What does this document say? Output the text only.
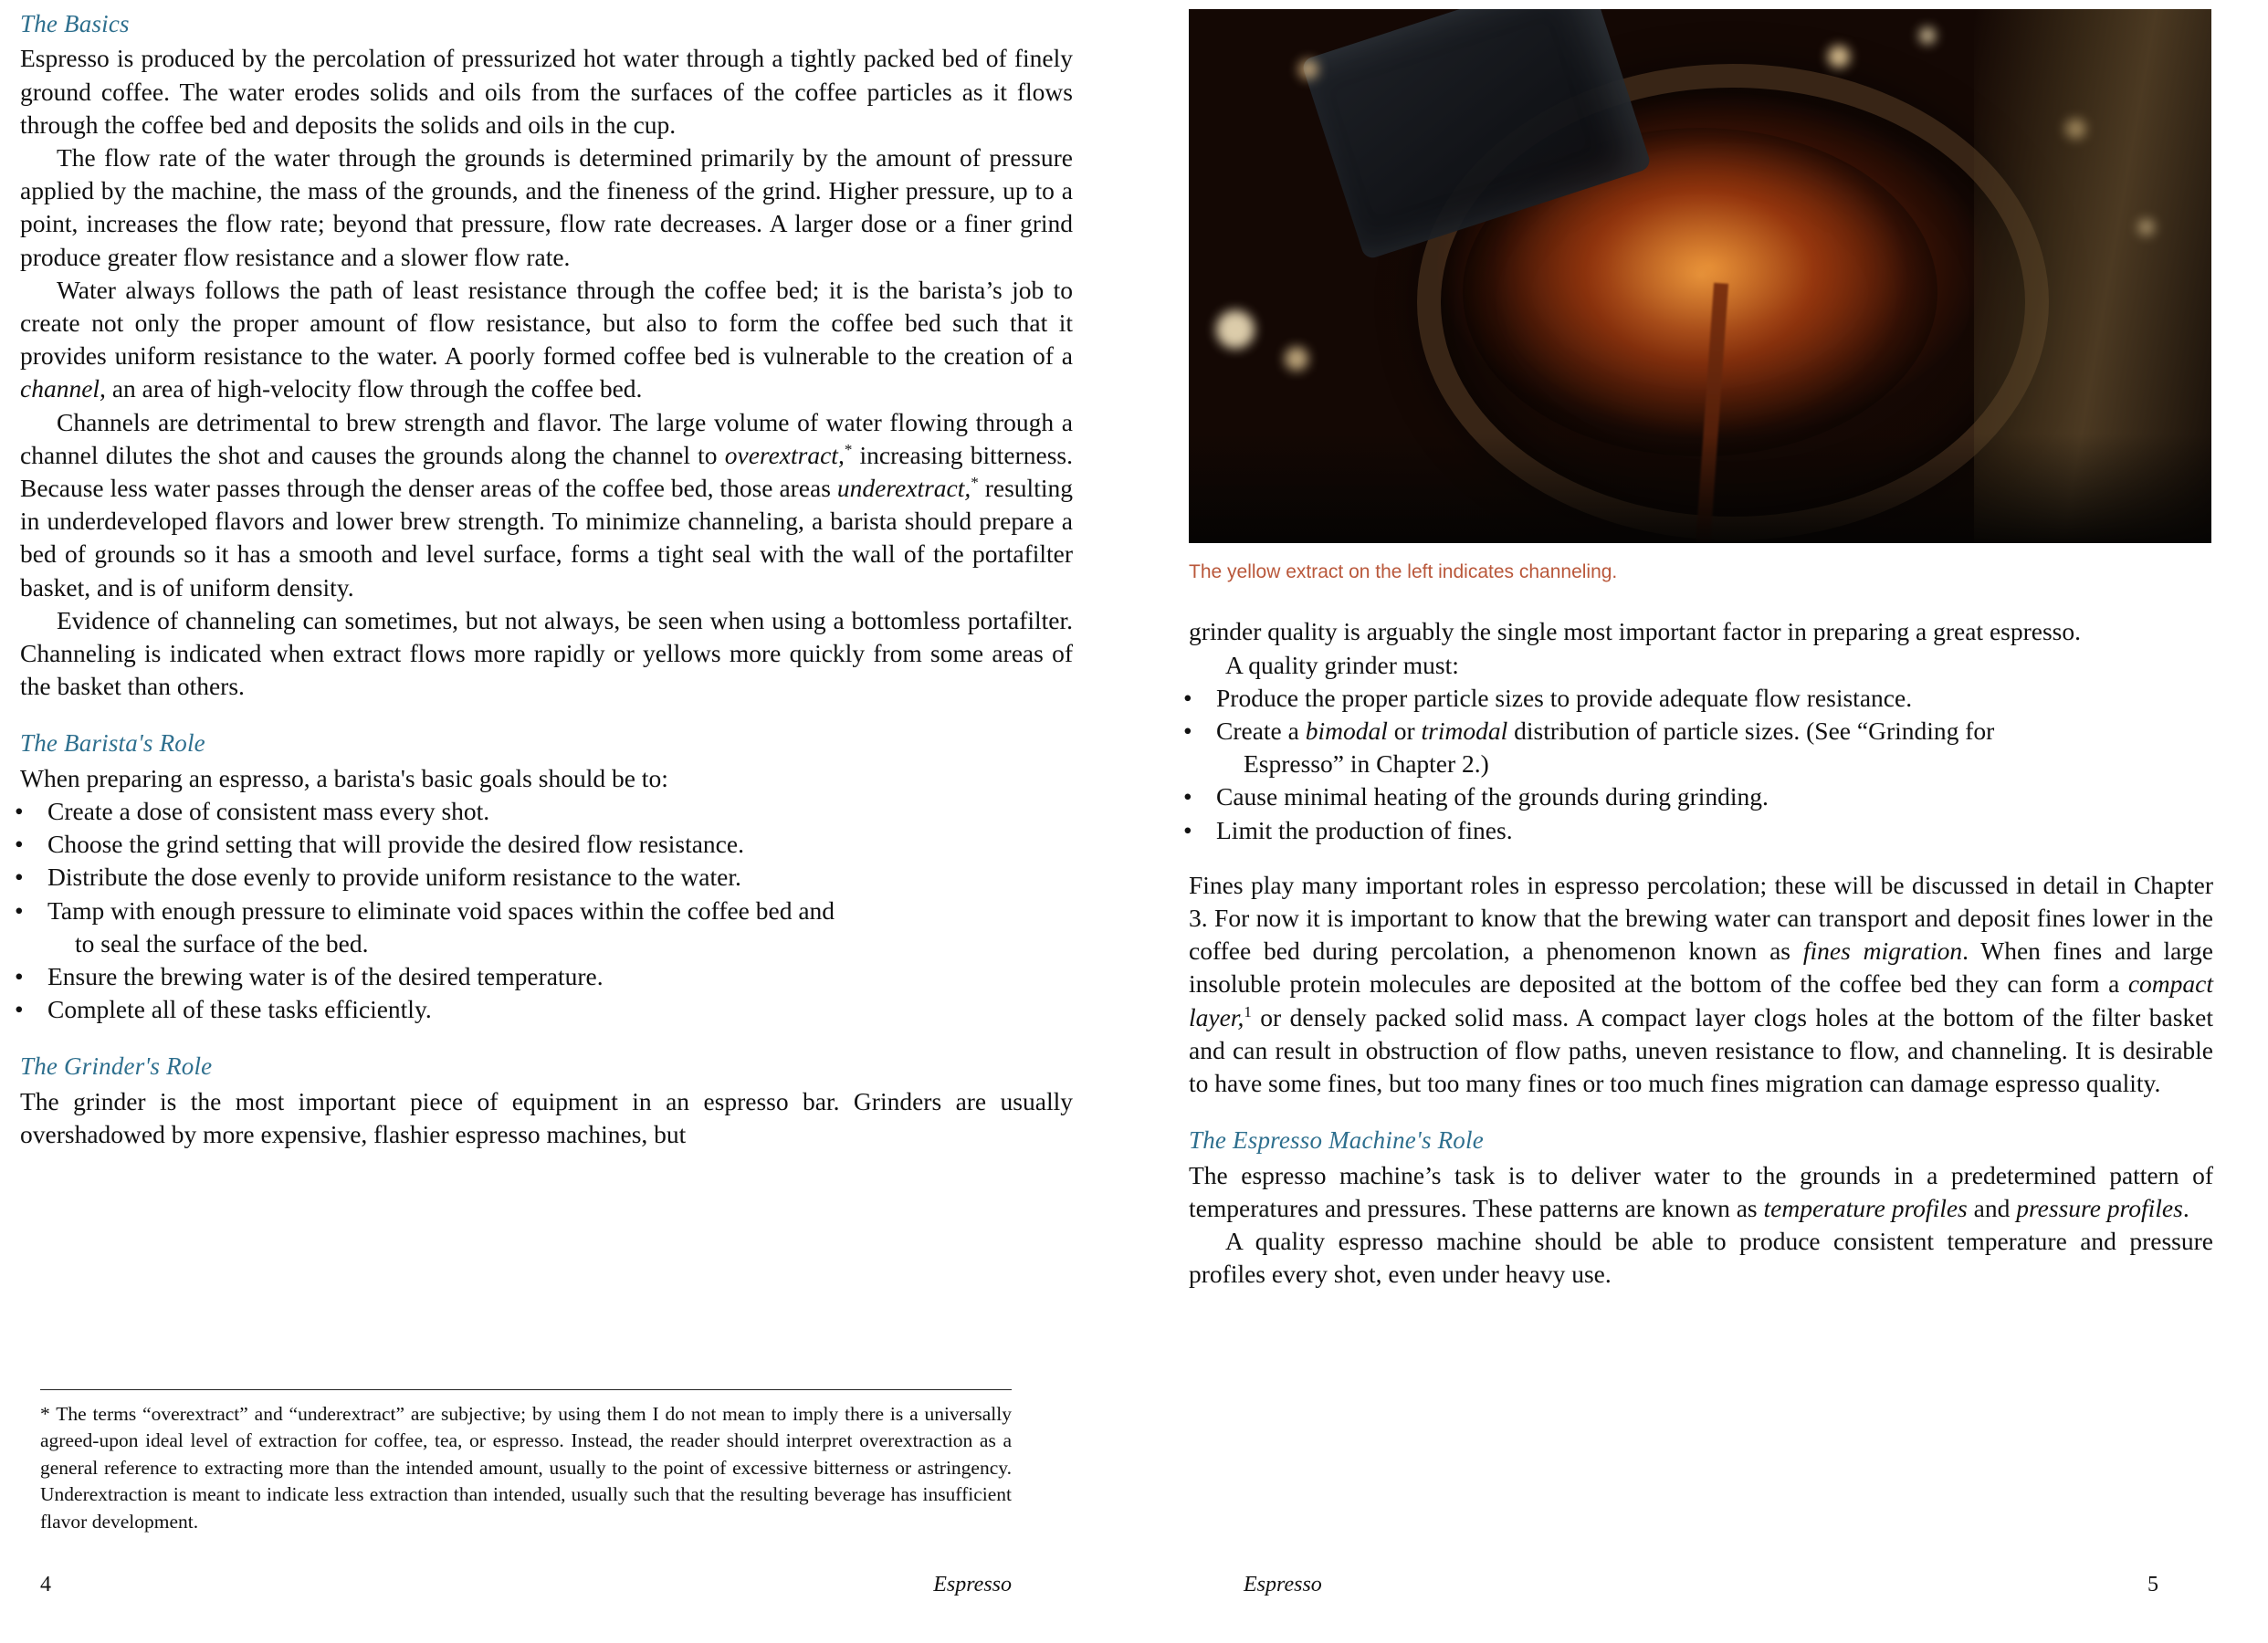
The Basics

Espresso is produced by the percolation of pressurized hot water through a tightly packed bed of finely ground coffee. The water erodes solids and oils from the surfaces of the coffee particles as it flows through the coffee bed and deposits the solids and oils in the cup.

The flow rate of the water through the grounds is determined primarily by the amount of pressure applied by the machine, the mass of the grounds, and the fineness of the grind. Higher pressure, up to a point, increases the flow rate; beyond that pressure, flow rate decreases. A larger dose or a finer grind produce greater flow resistance and a slower flow rate.

Water always follows the path of least resistance through the coffee bed; it is the barista’s job to create not only the proper amount of flow resistance, but also to form the coffee bed such that it provides uniform resistance to the water. A poorly formed coffee bed is vulnerable to the creation of a channel, an area of high-velocity flow through the coffee bed.

Channels are detrimental to brew strength and flavor. The large volume of water flowing through a channel dilutes the shot and causes the grounds along the channel to overextract,* increasing bitterness. Because less water passes through the denser areas of the coffee bed, those areas underextract,* resulting in underdeveloped flavors and lower brew strength. To minimize channeling, a barista should prepare a bed of grounds so it has a smooth and level surface, forms a tight seal with the wall of the portafilter basket, and is of uniform density.

Evidence of channeling can sometimes, but not always, be seen when using a bottomless portafilter. Channeling is indicated when extract flows more rapidly or yellows more quickly from some areas of the basket than others.

The Barista's Role

When preparing an espresso, a barista's basic goals should be to:

• Create a dose of consistent mass every shot.
• Choose the grind setting that will provide the desired flow resistance.
• Distribute the dose evenly to provide uniform resistance to the water.
• Tamp with enough pressure to eliminate void spaces within the coffee bed and
to seal the surface of the bed.
• Ensure the brewing water is of the desired temperature.
• Complete all of these tasks efficiently.
The Grinder's Role

The grinder is the most important piece of equipment in an espresso bar. Grinders are usually overshadowed by more expensive, flashier espresso machines, but

* The terms “overextract” and “underextract” are subjective; by using them I do not mean to imply there is a universally agreed-upon ideal level of extraction for coffee, tea, or espresso. Instead, the reader should interpret overextraction as a general reference to extracting more than the intended amount, usually to the point of excessive bitterness or astringency. Underextraction is meant to indicate less extraction than intended, usually such that the resulting beverage has insufficient flavor development.

4	Espresso

The yellow extract on the left indicates channeling.

grinder quality is arguably the single most important factor in preparing a great espresso.

A quality grinder must:

• Produce the proper particle sizes to provide adequate flow resistance.
• Create a bimodal or trimodal distribution of particle sizes. (See “Grinding for
Espresso” in Chapter 2.)
• Cause minimal heating of the grounds during grinding.
• Limit the production of fines.

Fines play many important roles in espresso percolation; these will be discussed in detail in Chapter 3. For now it is important to know that the brewing water can transport and deposit fines lower in the coffee bed during percolation, a phenomenon known as fines migration. When fines and large insoluble protein molecules are deposited at the bottom of the coffee bed they can form a compact layer,$^1$ or densely packed solid mass. A compact layer clogs holes at the bottom of the filter basket and can result in obstruction of flow paths, uneven resistance to flow, and channeling. It is desirable to have some fines, but too many fines or too much fines migration can damage espresso quality.

The Espresso Machine's Role

The espresso machine’s task is to deliver water to the grounds in a predetermined pattern of temperatures and pressures. These patterns are known as temperature profiles and pressure profiles.

A quality espresso machine should be able to produce consistent temperature and pressure profiles every shot, even under heavy use.

Espresso	5
